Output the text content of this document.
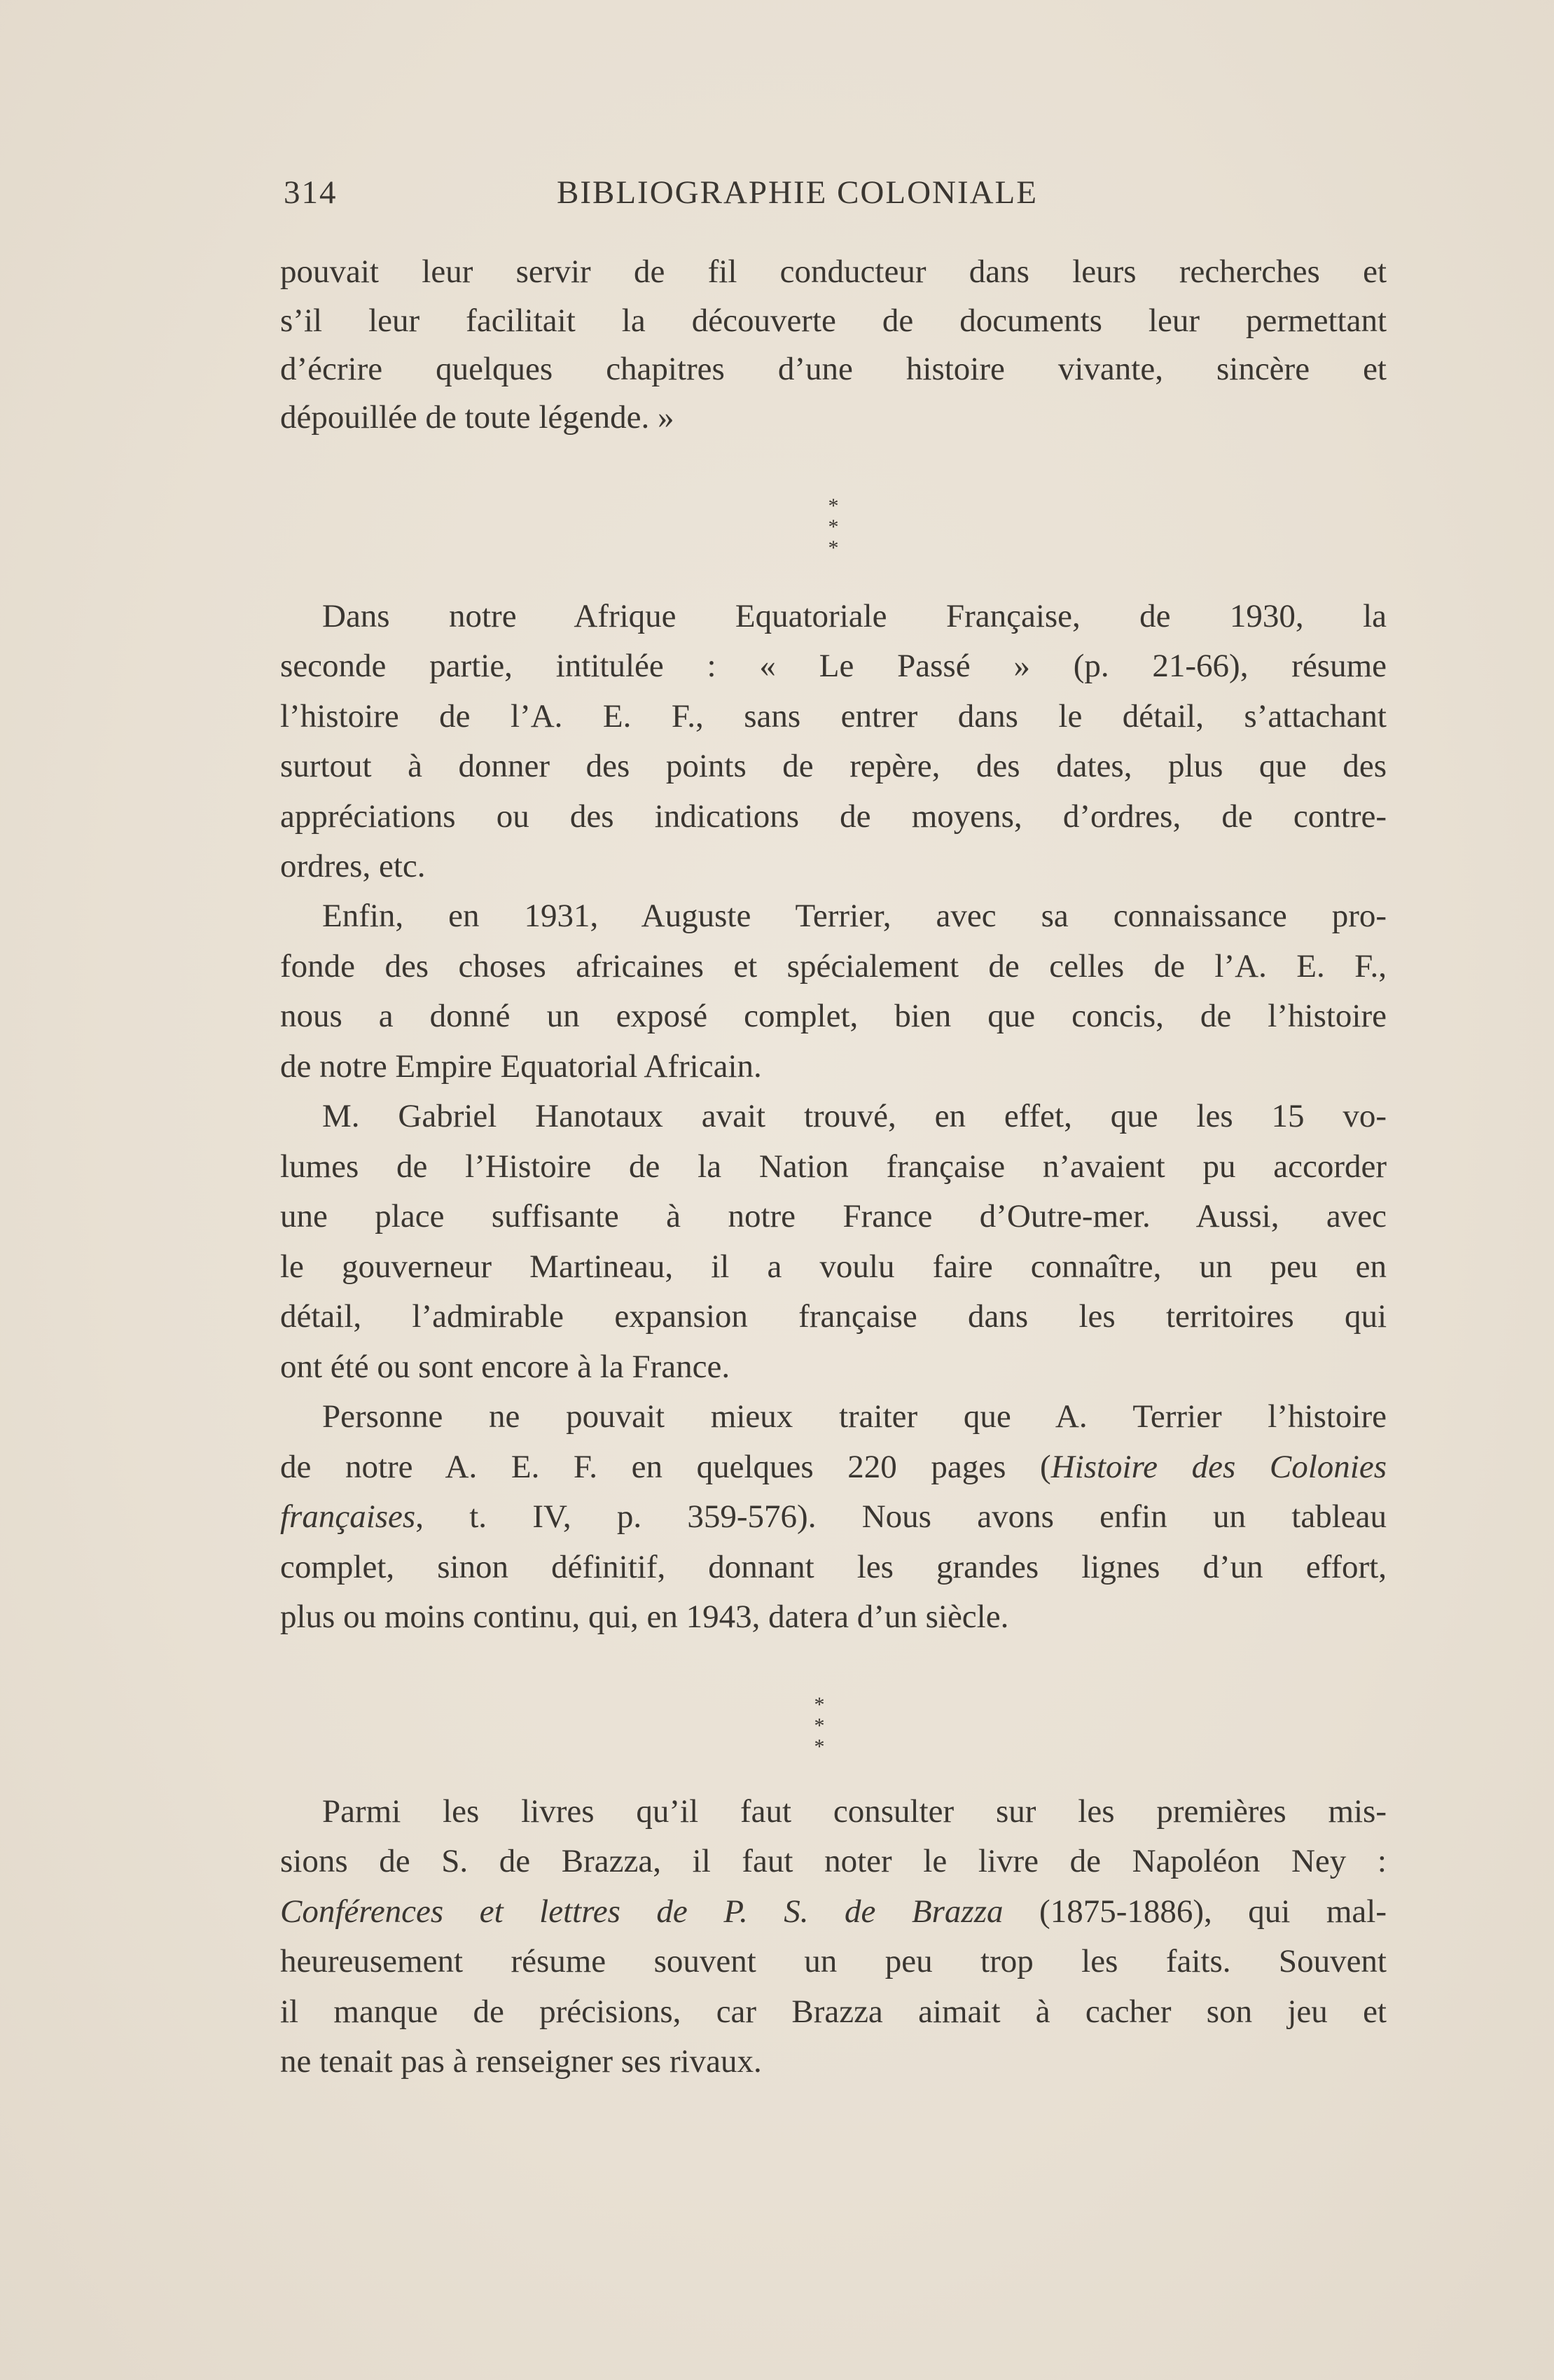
314	BIBLIOGRAPHIE COLONIALE
pouvait leur servir de fil conducteur dans leurs recherches et
s’il leur facilitait la découverte de documents leur permettant
d’écrire quelques chapitres d’une histoire vivante, sincère et
dépouillée de toute légende. »
*
* *
Dans notre Afrique Equatoriale Française, de 1930, la
seconde partie, intitulée : « Le Passé » (p. 21-66), résume
l’histoire de l’A. E. F., sans entrer dans le détail, s’attachant
surtout à donner des points de repère, des dates, plus que des
appréciations ou des indications de moyens, d’ordres, de contre-
ordres, etc.
Enfin, en 1931, Auguste Terrier, avec sa connaissance pro-
fonde des choses africaines et spécialement de celles de l’A. E. F.,
nous a donné un exposé complet, bien que concis, de l’histoire
de notre Empire Equatorial Africain.
M. Gabriel Hanotaux avait trouvé, en effet, que les 15 vo-
lumes de l’Histoire de la Nation française n’avaient pu accorder
une place suffisante à notre France d’Outre-mer. Aussi, avec
le gouverneur Martineau, il a voulu faire connaître, un peu en
détail, l’admirable expansion française dans les territoires qui
ont été ou sont encore à la France.
Personne ne pouvait mieux traiter que A. Terrier l’histoire
de notre A. E. F. en quelques 220 pages (Histoire des Colonies
françaises, t. IV, p. 359-576). Nous avons enfin un tableau
complet, sinon définitif, donnant les grandes lignes d’un effort,
plus ou moins continu, qui, en 1943, datera d’un siècle.
*
* *
Parmi les livres qu’il faut consulter sur les premières mis-
sions de S. de Brazza, il faut noter le livre de Napoléon Ney :
Conférences et lettres de P. S. de Brazza (1875-1886), qui mal-
heureusement résume souvent un peu trop les faits. Souvent
il manque de précisions, car Brazza aimait à cacher son jeu et
ne tenait pas à renseigner ses rivaux.
